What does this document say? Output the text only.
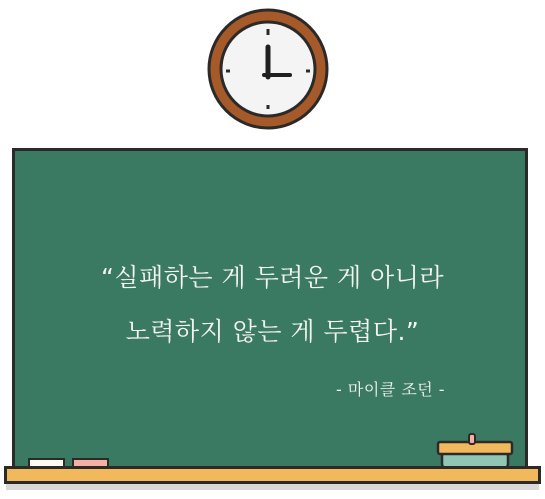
“실패하는 게 두려운 게 아니라
노력하지 않는 게 두렵다.”
- 마이클 조던 -
